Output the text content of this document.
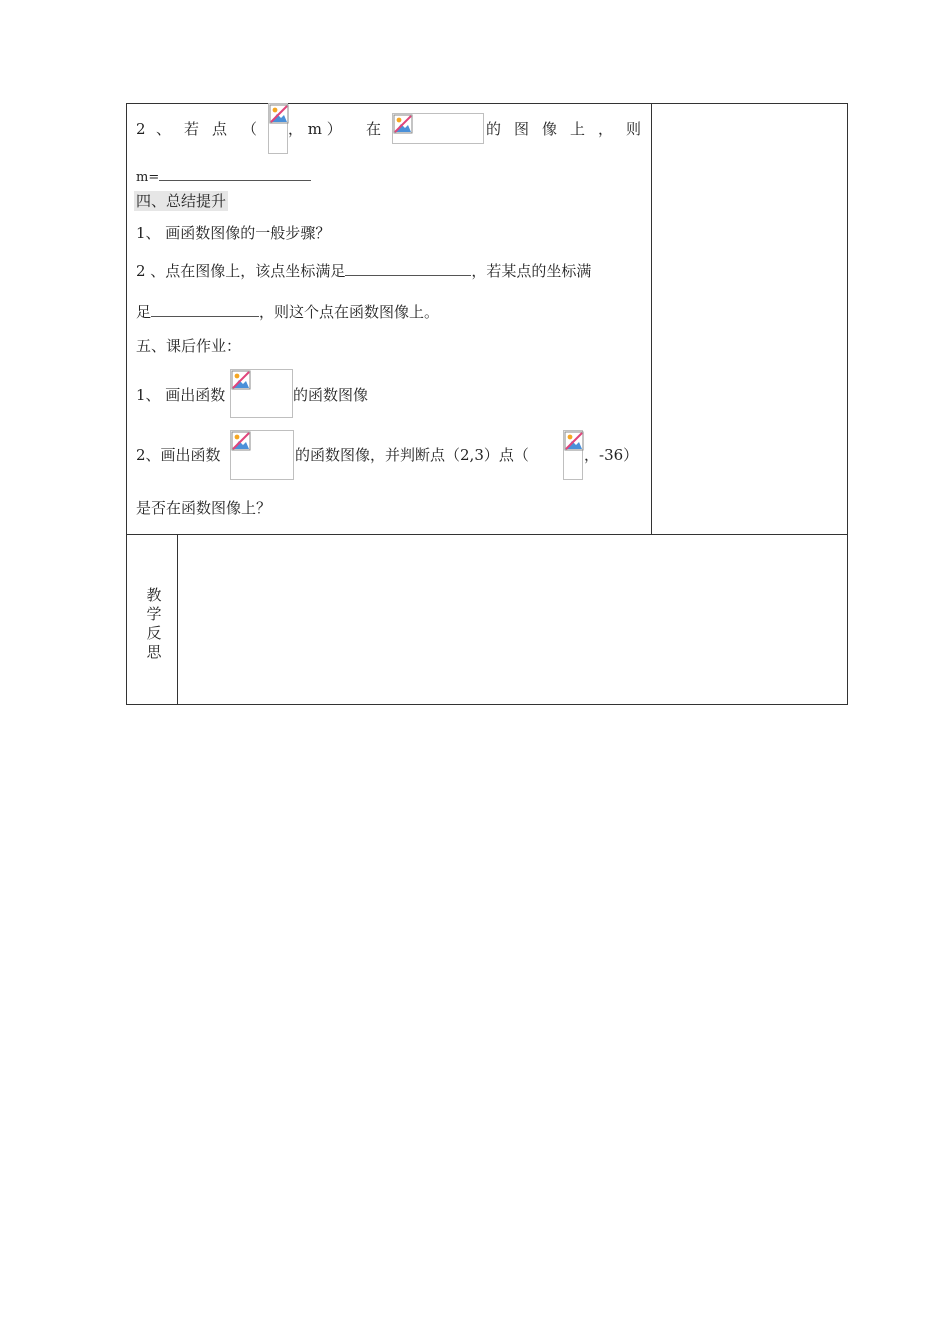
2 、 若 点 （ ， m ） 在	的 图 像 上 ， 则
m=
四、总结提升
1、 画函数图像的一般步骤？
2 、点在图像上，该点坐标满足	，若某点的坐标满
足	，则这个点在函数图像上。
五、课后作业：
1、 画出函数	的函数图像
2、画出函数	的函数图像，并判断点（2,3）点（	，-36）
是否在函数图像上？
教
学
反
思
